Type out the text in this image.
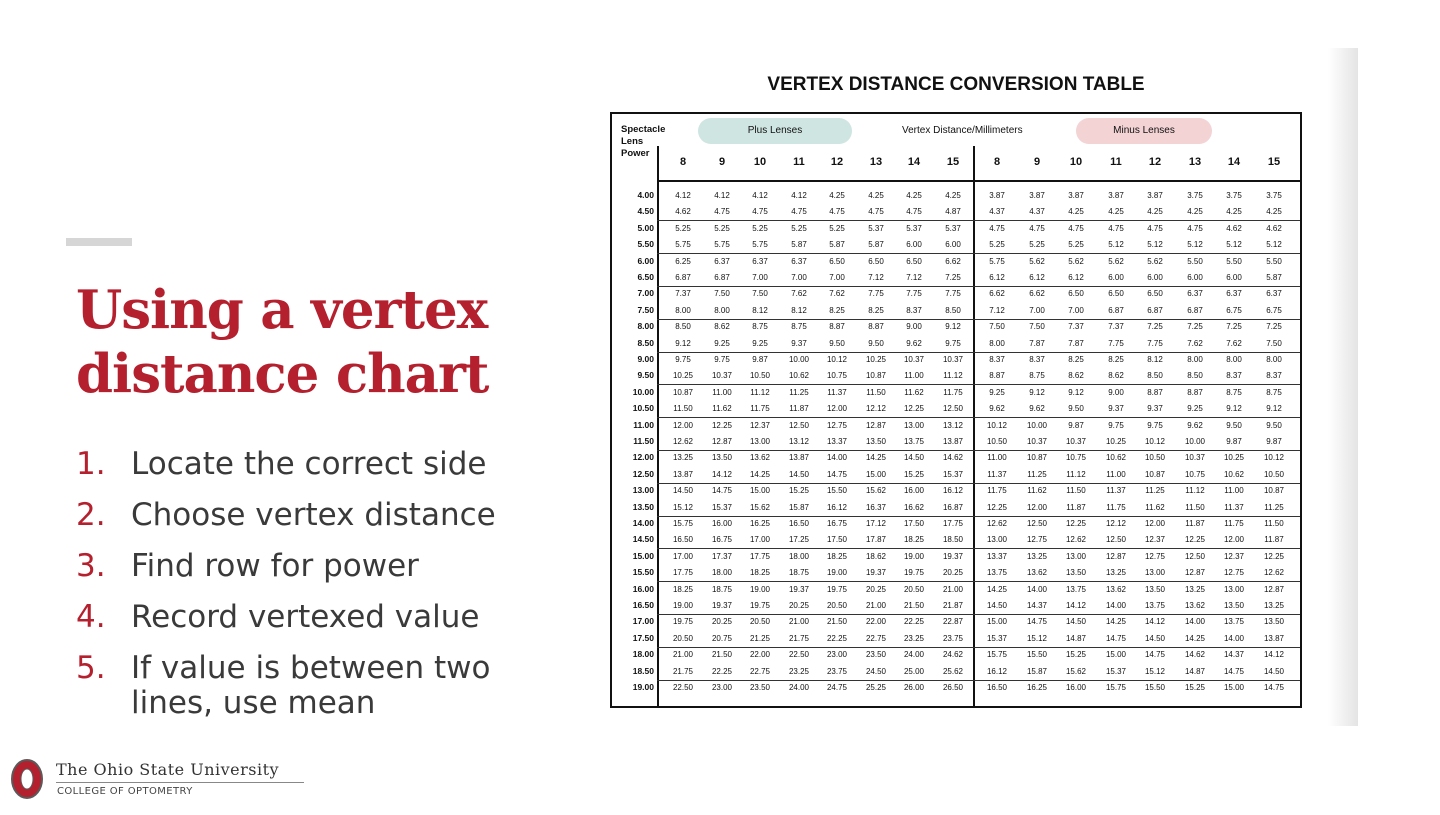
Using a vertex
distance chart
1. Locate the correct side
2. Choose vertex distance
3. Find row for power
4. Record vertexed value
5. If value is between two lines, use mean
The Ohio State University
COLLEGE OF OPTOMETRY
VERTEX DISTANCE CONVERSION TABLE
Spectacle Lens Power
Plus Lenses	Vertex Distance/Millimeters	Minus Lenses
8	9	10	11	12	13	14	15	8	9	10	11	12	13	14	15
4.00	4.12	4.12	4.12	4.12	4.25	4.25	4.25	4.25	3.87	3.87	3.87	3.87	3.87	3.75	3.75	3.75
4.50	4.62	4.75	4.75	4.75	4.75	4.75	4.75	4.87	4.37	4.37	4.25	4.25	4.25	4.25	4.25	4.25
5.00	5.25	5.25	5.25	5.25	5.25	5.37	5.37	5.37	4.75	4.75	4.75	4.75	4.75	4.75	4.62	4.62
5.50	5.75	5.75	5.75	5.87	5.87	5.87	6.00	6.00	5.25	5.25	5.25	5.12	5.12	5.12	5.12	5.12
6.00	6.25	6.37	6.37	6.37	6.50	6.50	6.50	6.62	5.75	5.62	5.62	5.62	5.62	5.50	5.50	5.50
6.50	6.87	6.87	7.00	7.00	7.00	7.12	7.12	7.25	6.12	6.12	6.12	6.00	6.00	6.00	6.00	5.87
7.00	7.37	7.50	7.50	7.62	7.62	7.75	7.75	7.75	6.62	6.62	6.50	6.50	6.50	6.37	6.37	6.37
7.50	8.00	8.00	8.12	8.12	8.25	8.25	8.37	8.50	7.12	7.00	7.00	6.87	6.87	6.87	6.75	6.75
8.00	8.50	8.62	8.75	8.75	8.87	8.87	9.00	9.12	7.50	7.50	7.37	7.37	7.25	7.25	7.25	7.25
8.50	9.12	9.25	9.25	9.37	9.50	9.50	9.62	9.75	8.00	7.87	7.87	7.75	7.75	7.62	7.62	7.50
9.00	9.75	9.75	9.87	10.00	10.12	10.25	10.37	10.37	8.37	8.37	8.25	8.25	8.12	8.00	8.00	8.00
9.50	10.25	10.37	10.50	10.62	10.75	10.87	11.00	11.12	8.87	8.75	8.62	8.62	8.50	8.50	8.37	8.37
10.00	10.87	11.00	11.12	11.25	11.37	11.50	11.62	11.75	9.25	9.12	9.12	9.00	8.87	8.87	8.75	8.75
10.50	11.50	11.62	11.75	11.87	12.00	12.12	12.25	12.50	9.62	9.62	9.50	9.37	9.37	9.25	9.12	9.12
11.00	12.00	12.25	12.37	12.50	12.75	12.87	13.00	13.12	10.12	10.00	9.87	9.75	9.75	9.62	9.50	9.50
11.50	12.62	12.87	13.00	13.12	13.37	13.50	13.75	13.87	10.50	10.37	10.37	10.25	10.12	10.00	9.87	9.87
12.00	13.25	13.50	13.62	13.87	14.00	14.25	14.50	14.62	11.00	10.87	10.75	10.62	10.50	10.37	10.25	10.12
12.50	13.87	14.12	14.25	14.50	14.75	15.00	15.25	15.37	11.37	11.25	11.12	11.00	10.87	10.75	10.62	10.50
13.00	14.50	14.75	15.00	15.25	15.50	15.62	16.00	16.12	11.75	11.62	11.50	11.37	11.25	11.12	11.00	10.87
13.50	15.12	15.37	15.62	15.87	16.12	16.37	16.62	16.87	12.25	12.00	11.87	11.75	11.62	11.50	11.37	11.25
14.00	15.75	16.00	16.25	16.50	16.75	17.12	17.50	17.75	12.62	12.50	12.25	12.12	12.00	11.87	11.75	11.50
14.50	16.50	16.75	17.00	17.25	17.50	17.87	18.25	18.50	13.00	12.75	12.62	12.50	12.37	12.25	12.00	11.87
15.00	17.00	17.37	17.75	18.00	18.25	18.62	19.00	19.37	13.37	13.25	13.00	12.87	12.75	12.50	12.37	12.25
15.50	17.75	18.00	18.25	18.75	19.00	19.37	19.75	20.25	13.75	13.62	13.50	13.25	13.00	12.87	12.75	12.62
16.00	18.25	18.75	19.00	19.37	19.75	20.25	20.50	21.00	14.25	14.00	13.75	13.62	13.50	13.25	13.00	12.87
16.50	19.00	19.37	19.75	20.25	20.50	21.00	21.50	21.87	14.50	14.37	14.12	14.00	13.75	13.62	13.50	13.25
17.00	19.75	20.25	20.50	21.00	21.50	22.00	22.25	22.87	15.00	14.75	14.50	14.25	14.12	14.00	13.75	13.50
17.50	20.50	20.75	21.25	21.75	22.25	22.75	23.25	23.75	15.37	15.12	14.87	14.75	14.50	14.25	14.00	13.87
18.00	21.00	21.50	22.00	22.50	23.00	23.50	24.00	24.62	15.75	15.50	15.25	15.00	14.75	14.62	14.37	14.12
18.50	21.75	22.25	22.75	23.25	23.75	24.50	25.00	25.62	16.12	15.87	15.62	15.37	15.12	14.87	14.75	14.50
19.00	22.50	23.00	23.50	24.00	24.75	25.25	26.00	26.50	16.50	16.25	16.00	15.75	15.50	15.25	15.00	14.75
